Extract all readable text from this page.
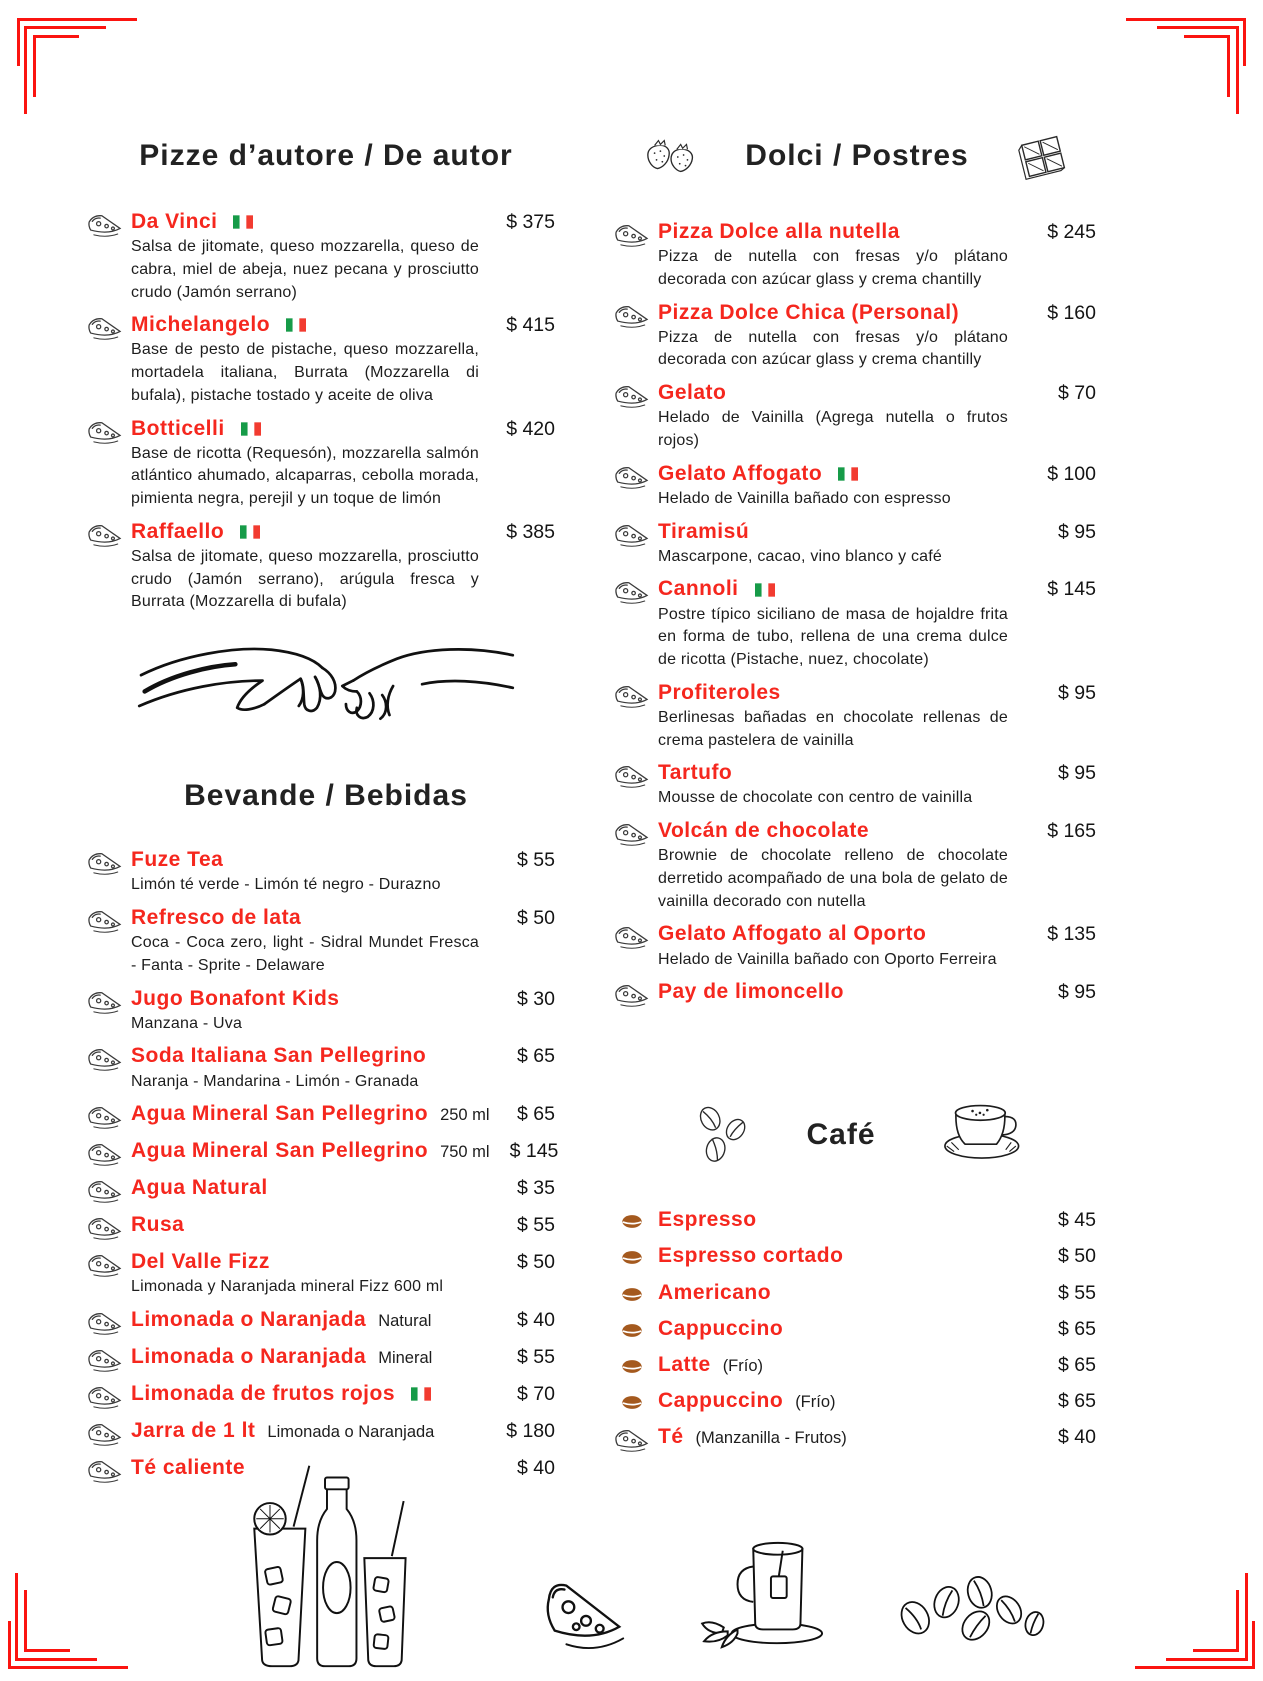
Pizze d’autore / De autor
Da Vinci	$ 375
Salsa de jitomate, queso mozzarella, queso de cabra, miel de abeja, nuez pecana y prosciutto crudo (Jamón serrano)
Michelangelo	$ 415
Base de pesto de pistache, queso mozzarella, mortadela italiana, Burrata (Mozzarella di bufala), pistache tostado y aceite de oliva
Botticelli	$ 420
Base de ricotta (Requesón), mozzarella salmón atlántico ahumado, alcaparras, cebolla morada, pimienta negra, perejil y un toque de limón
Raffaello	$ 385
Salsa de jitomate, queso mozzarella, prosciutto crudo (Jamón serrano), arúgula fresca y Burrata (Mozzarella di bufala)
Bevande / Bebidas
Fuze Tea	$ 55
Limón té verde - Limón té negro - Durazno
Refresco de lata	$ 50
Coca - Coca zero, light - Sidral Mundet Fresca - Fanta - Sprite - Delaware
Jugo Bonafont Kids	$ 30
Manzana - Uva
Soda Italiana San Pellegrino	$ 65
Naranja - Mandarina - Limón - Granada
Agua Mineral San Pellegrino 250 ml	$ 65
Agua Mineral San Pellegrino 750 ml	$ 145
Agua Natural	$ 35
Rusa	$ 55
Del Valle Fizz	$ 50
Limonada y Naranjada mineral Fizz 600 ml
Limonada o Naranjada Natural	$ 40
Limonada o Naranjada Mineral	$ 55
Limonada de frutos rojos	$ 70
Jarra de 1 lt Limonada o Naranjada	$ 180
Té caliente	$ 40
Dolci / Postres
Pizza Dolce alla nutella	$ 245
Pizza de nutella con fresas y/o plátano decorada con azúcar glass y crema chantilly
Pizza Dolce Chica (Personal)	$ 160
Pizza de nutella con fresas y/o plátano decorada con azúcar glass y crema chantilly
Gelato	$ 70
Helado de Vainilla (Agrega nutella o frutos rojos)
Gelato Affogato	$ 100
Helado de Vainilla bañado con espresso
Tiramisú	$ 95
Mascarpone, cacao, vino blanco y café
Cannoli	$ 145
Postre típico siciliano de masa de hojaldre frita en forma de tubo, rellena de una crema dulce de ricotta (Pistache, nuez, chocolate)
Profiteroles	$ 95
Berlinesas bañadas en chocolate rellenas de crema pastelera de vainilla
Tartufo	$ 95
Mousse de chocolate con centro de vainilla
Volcán de chocolate	$ 165
Brownie de chocolate relleno de chocolate derretido acompañado de una bola de gelato de vainilla decorado con nutella
Gelato Affogato al Oporto	$ 135
Helado de Vainilla bañado con Oporto Ferreira
Pay de limoncello	$ 95
Café
Espresso	$ 45
Espresso cortado	$ 50
Americano	$ 55
Cappuccino	$ 65
Latte (Frío)	$ 65
Cappuccino (Frío)	$ 65
Té (Manzanilla - Frutos)	$ 40
